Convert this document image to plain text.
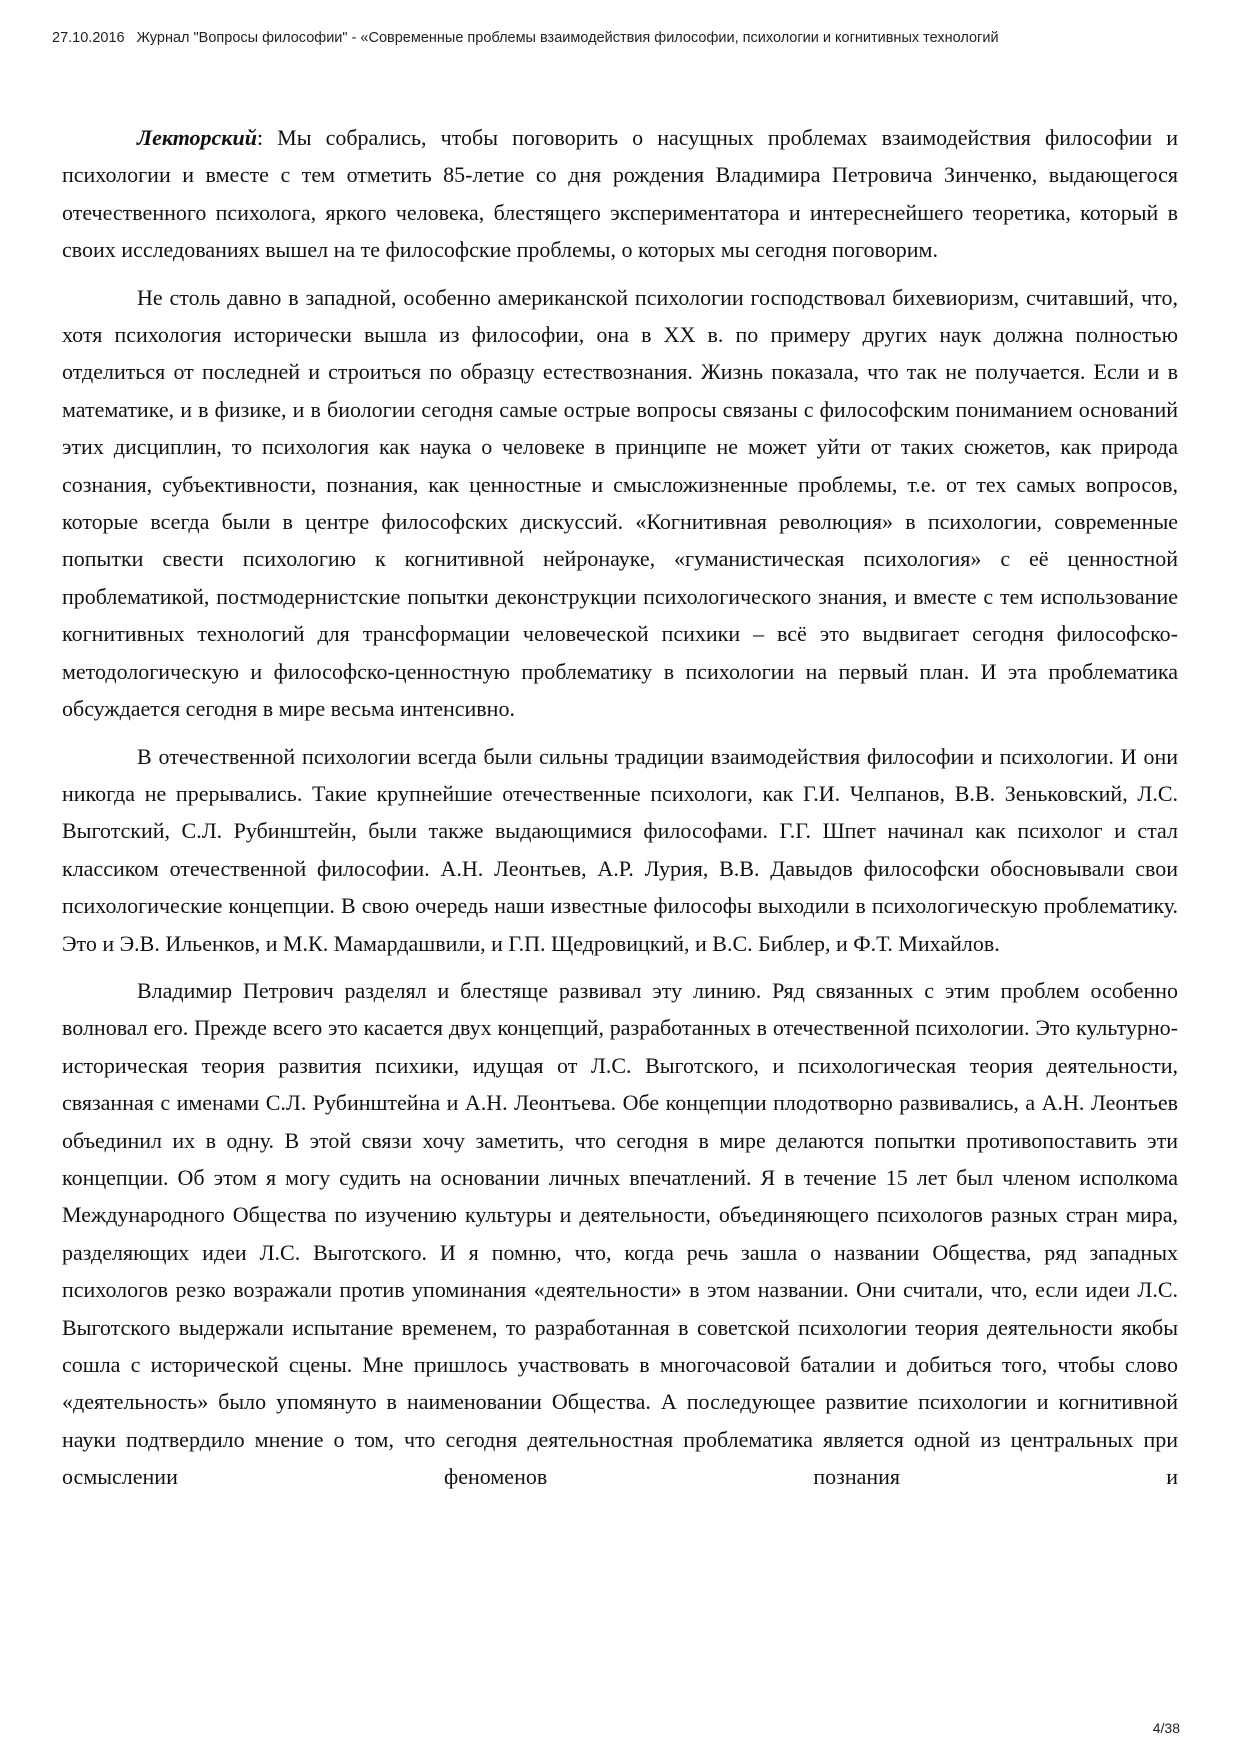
27.10.2016 Журнал "Вопросы философии" - «Современные проблемы взаимодействия философии, психологии и когнитивных технологий

Лекторский: Мы собрались, чтобы поговорить о насущных проблемах взаимодействия философии и психологии и вместе с тем отметить 85-летие со дня рождения Владимира Петровича Зинченко, выдающегося отечественного психолога, яркого человека, блестящего экспериментатора и интереснейшего теоретика, который в своих исследованиях вышел на те философские проблемы, о которых мы сегодня поговорим.

Не столь давно в западной, особенно американской психологии господствовал бихевиоризм, считавший, что, хотя психология исторически вышла из философии, она в XX в. по примеру других наук должна полностью отделиться от последней и строиться по образцу естествознания. Жизнь показала, что так не получается. Если и в математике, и в физике, и в биологии сегодня самые острые вопросы связаны с философским пониманием оснований этих дисциплин, то психология как наука о человеке в принципе не может уйти от таких сюжетов, как природа сознания, субъективности, познания, как ценностные и смысложизненные проблемы, т.е. от тех самых вопросов, которые всегда были в центре философских дискуссий. «Когнитивная революция» в психологии, современные попытки свести психологию к когнитивной нейронауке, «гуманистическая психология» с её ценностной проблематикой, постмодернистские попытки деконструкции психологического знания, и вместе с тем использование когнитивных технологий для трансформации человеческой психики – всё это выдвигает сегодня философско-методологическую и философско-ценностную проблематику в психологии на первый план. И эта проблематика обсуждается сегодня в мире весьма интенсивно.

В отечественной психологии всегда были сильны традиции взаимодействия философии и психологии. И они никогда не прерывались. Такие крупнейшие отечественные психологи, как Г.И. Челпанов, В.В. Зеньковский, Л.С. Выготский, С.Л. Рубинштейн, были также выдающимися философами. Г.Г. Шпет начинал как психолог и стал классиком отечественной философии. А.Н. Леонтьев, А.Р. Лурия, В.В. Давыдов философски обосновывали свои психологические концепции. В свою очередь наши известные философы выходили в психологическую проблематику. Это и Э.В. Ильенков, и М.К. Мамардашвили, и Г.П. Щедровицкий, и В.С. Библер, и Ф.Т. Михайлов.

Владимир Петрович разделял и блестяще развивал эту линию. Ряд связанных с этим проблем особенно волновал его. Прежде всего это касается двух концепций, разработанных в отечественной психологии. Это культурно-историческая теория развития психики, идущая от Л.С. Выготского, и психологическая теория деятельности, связанная с именами С.Л. Рубинштейна и А.Н. Леонтьева. Обе концепции плодотворно развивались, а А.Н. Леонтьев объединил их в одну. В этой связи хочу заметить, что сегодня в мире делаются попытки противопоставить эти концепции. Об этом я могу судить на основании личных впечатлений. Я в течение 15 лет был членом исполкома Международного Общества по изучению культуры и деятельности, объединяющего психологов разных стран мира, разделяющих идеи Л.С. Выготского. И я помню, что, когда речь зашла о названии Общества, ряд западных психологов резко возражали против упоминания «деятельности» в этом названии. Они считали, что, если идеи Л.С. Выготского выдержали испытание временем, то разработанная в советской психологии теория деятельности якобы сошла с исторической сцены. Мне пришлось участвовать в многочасовой баталии и добиться того, чтобы слово «деятельность» было упомянуто в наименовании Общества. А последующее развитие психологии и когнитивной науки подтвердило мнение о том, что сегодня деятельностная проблематика является одной из центральных при осмыслении феноменов познания и

4/38
